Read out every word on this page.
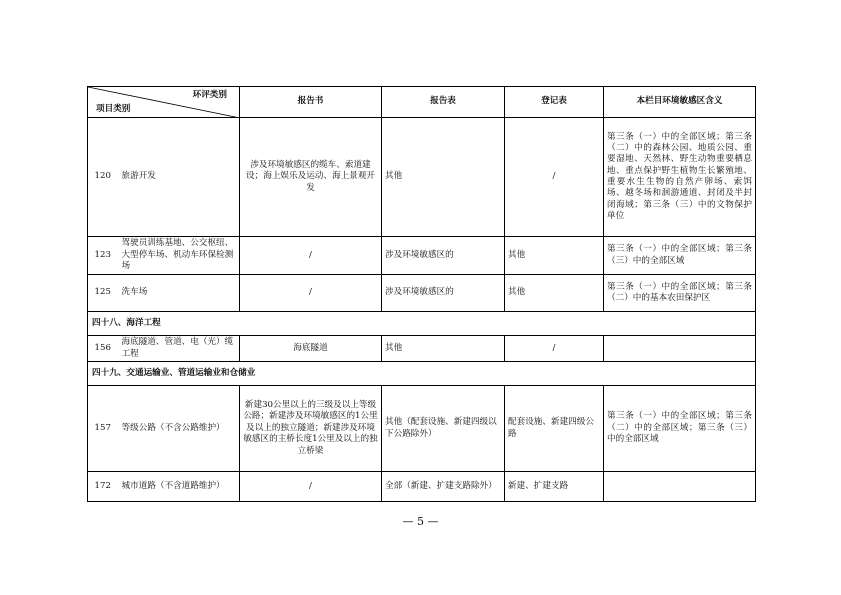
环评类别
项目类别		报告书	报告表	登记表	本栏目环境敏感区含义
120	旅游开发	涉及环境敏感区的缆车、索道建设；海上娱乐及运动、海上景观开发	其他	/	第三条（一）中的全部区域；第三条（二）中的森林公园、地质公园、重要湿地、天然林、野生动物重要栖息地、重点保护野生植物生长繁殖地、重要水生生物的自然产卵场、索饵场、越冬场和洄游通道、封闭及半封闭海域；第三条（三）中的文物保护单位
123	驾驶员训练基地、公交枢纽、大型停车场、机动车环保检测场	/	涉及环境敏感区的	其他	第三条（一）中的全部区域；第三条（三）中的全部区域
125	洗车场	/	涉及环境敏感区的	其他	第三条（一）中的全部区域；第三条（二）中的基本农田保护区
四十八、海洋工程					
156	海底隧道、管道、电（光）缆工程	海底隧道	其他	/	
四十九、交通运输业、管道运输业和仓储业					
157	等级公路（不含公路维护）	新建30公里以上的三级及以上等级公路；新建涉及环境敏感区的1公里及以上的独立隧道；新建涉及环境敏感区的主桥长度1公里及以上的独立桥梁	其他（配套设施、新建四级以下公路除外）	配套设施、新建四级公路	第三条（一）中的全部区域；第三条（二）中的全部区域；第三条（三）中的全部区域
172	城市道路（不含道路维护）	/	全部（新建、扩建支路除外）	新建、扩建支路	
— 5 —
